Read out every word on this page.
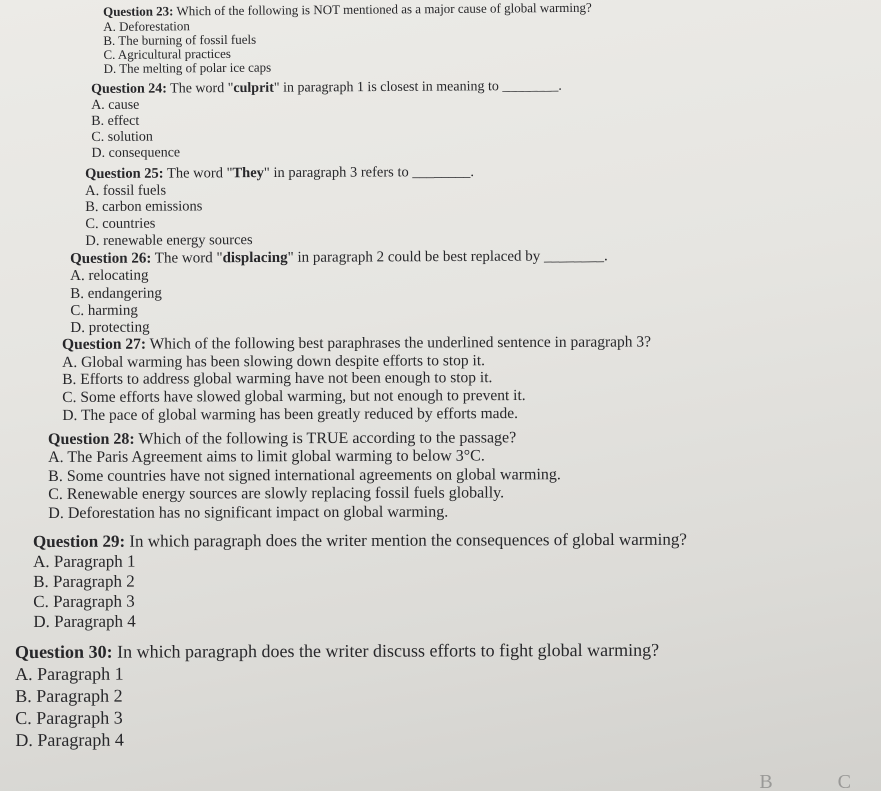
Question 23: Which of the following is NOT mentioned as a major cause of global warming?
A. Deforestation
B. The burning of fossil fuels
C. Agricultural practices
D. The melting of polar ice caps
Question 24: The word "culprit" in paragraph 1 is closest in meaning to ________.
A. cause
B. effect
C. solution
D. consequence
Question 25: The word "They" in paragraph 3 refers to ________.
A. fossil fuels
B. carbon emissions
C. countries
D. renewable energy sources
Question 26: The word "displacing" in paragraph 2 could be best replaced by ________.
A. relocating
B. endangering
C. harming
D. protecting
Question 27: Which of the following best paraphrases the underlined sentence in paragraph 3?
A. Global warming has been slowing down despite efforts to stop it.
B. Efforts to address global warming have not been enough to stop it.
C. Some efforts have slowed global warming, but not enough to prevent it.
D. The pace of global warming has been greatly reduced by efforts made.
Question 28: Which of the following is TRUE according to the passage?
A. The Paris Agreement aims to limit global warming to below 3°C.
B. Some countries have not signed international agreements on global warming.
C. Renewable energy sources are slowly replacing fossil fuels globally.
D. Deforestation has no significant impact on global warming.
Question 29: In which paragraph does the writer mention the consequences of global warming?
A. Paragraph 1
B. Paragraph 2
C. Paragraph 3
D. Paragraph 4
Question 30: In which paragraph does the writer discuss efforts to fight global warming?
A. Paragraph 1
B. Paragraph 2
C. Paragraph 3
D. Paragraph 4
B C
